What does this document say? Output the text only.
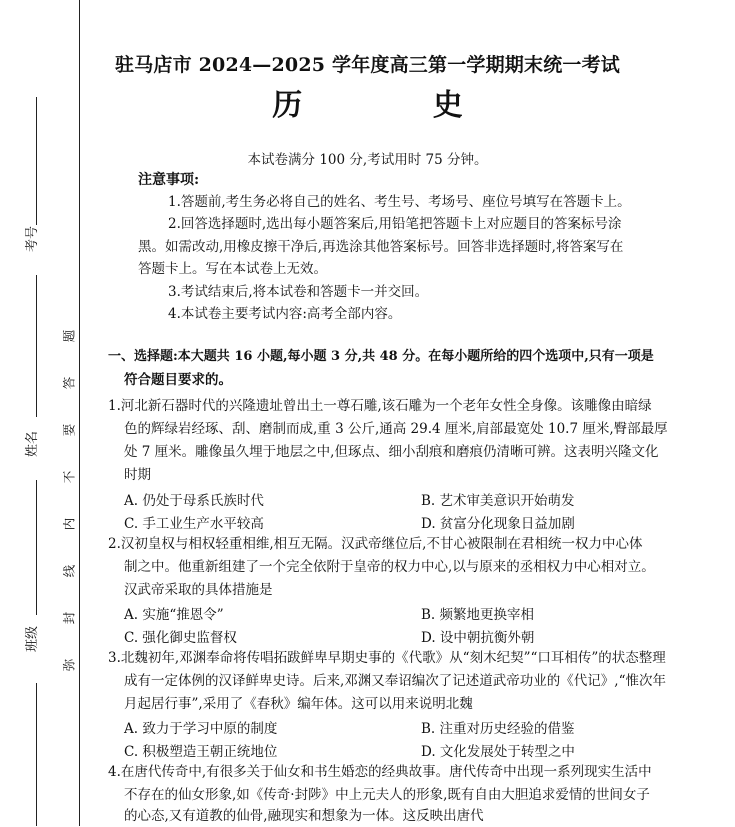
考号
姓名
班级
题
答
要
不
内
线
封
弥
驻马店市 2024—2025 学年度高三第一学期期末统一考试
历 史
本试卷满分 100 分,考试用时 75 分钟。
注意事项:
1.答题前,考生务必将自己的姓名、考生号、考场号、座位号填写在答题卡上。
2.回答选择题时,选出每小题答案后,用铅笔把答题卡上对应题目的答案标号涂
黑。如需改动,用橡皮擦干净后,再选涂其他答案标号。回答非选择题时,将答案写在
答题卡上。写在本试卷上无效。
3.考试结束后,将本试卷和答题卡一并交回。
4.本试卷主要考试内容:高考全部内容。
一、选择题:本大题共 16 小题,每小题 3 分,共 48 分。在每小题所给的四个选项中,只有一项是
符合题目要求的。
1.河北新石器时代的兴隆遗址曾出土一尊石雕,该石雕为一个老年女性全身像。该雕像由暗绿
色的辉绿岩经琢、刮、磨制而成,重 3 公斤,通高 29.4 厘米,肩部最宽处 10.7 厘米,臀部最厚
处 7 厘米。雕像虽久埋于地层之中,但琢点、细小刮痕和磨痕仍清晰可辨。这表明兴隆文化
时期
A. 仍处于母系氏族时代	B. 艺术审美意识开始萌发
C. 手工业生产水平较高	D. 贫富分化现象日益加剧
2.汉初皇权与相权轻重相维,相互无隔。汉武帝继位后,不甘心被限制在君相统一权力中心体
制之中。他重新组建了一个完全依附于皇帝的权力中心,以与原来的丞相权力中心相对立。
汉武帝采取的具体措施是
A. 实施“推恩令”	B. 频繁地更换宰相
C. 强化御史监督权	D. 设中朝抗衡外朝
3.北魏初年,邓渊奉命将传唱拓跋鲜卑早期史事的《代歌》从“刻木纪契”“口耳相传”的状态整理
成有一定体例的汉译鲜卑史诗。后来,邓渊又奉诏编次了记述道武帝功业的《代记》,“惟次年
月起居行事”,采用了《春秋》编年体。这可以用来说明北魏
A. 致力于学习中原的制度	B. 注重对历史经验的借鉴
C. 积极塑造王朝正统地位	D. 文化发展处于转型之中
4.在唐代传奇中,有很多关于仙女和书生婚恋的经典故事。唐代传奇中出现一系列现实生活中
不存在的仙女形象,如《传奇·封陟》中上元夫人的形象,既有自由大胆追求爱情的世间女子
的心态,又有道教的仙骨,融现实和想象为一体。这反映出唐代
